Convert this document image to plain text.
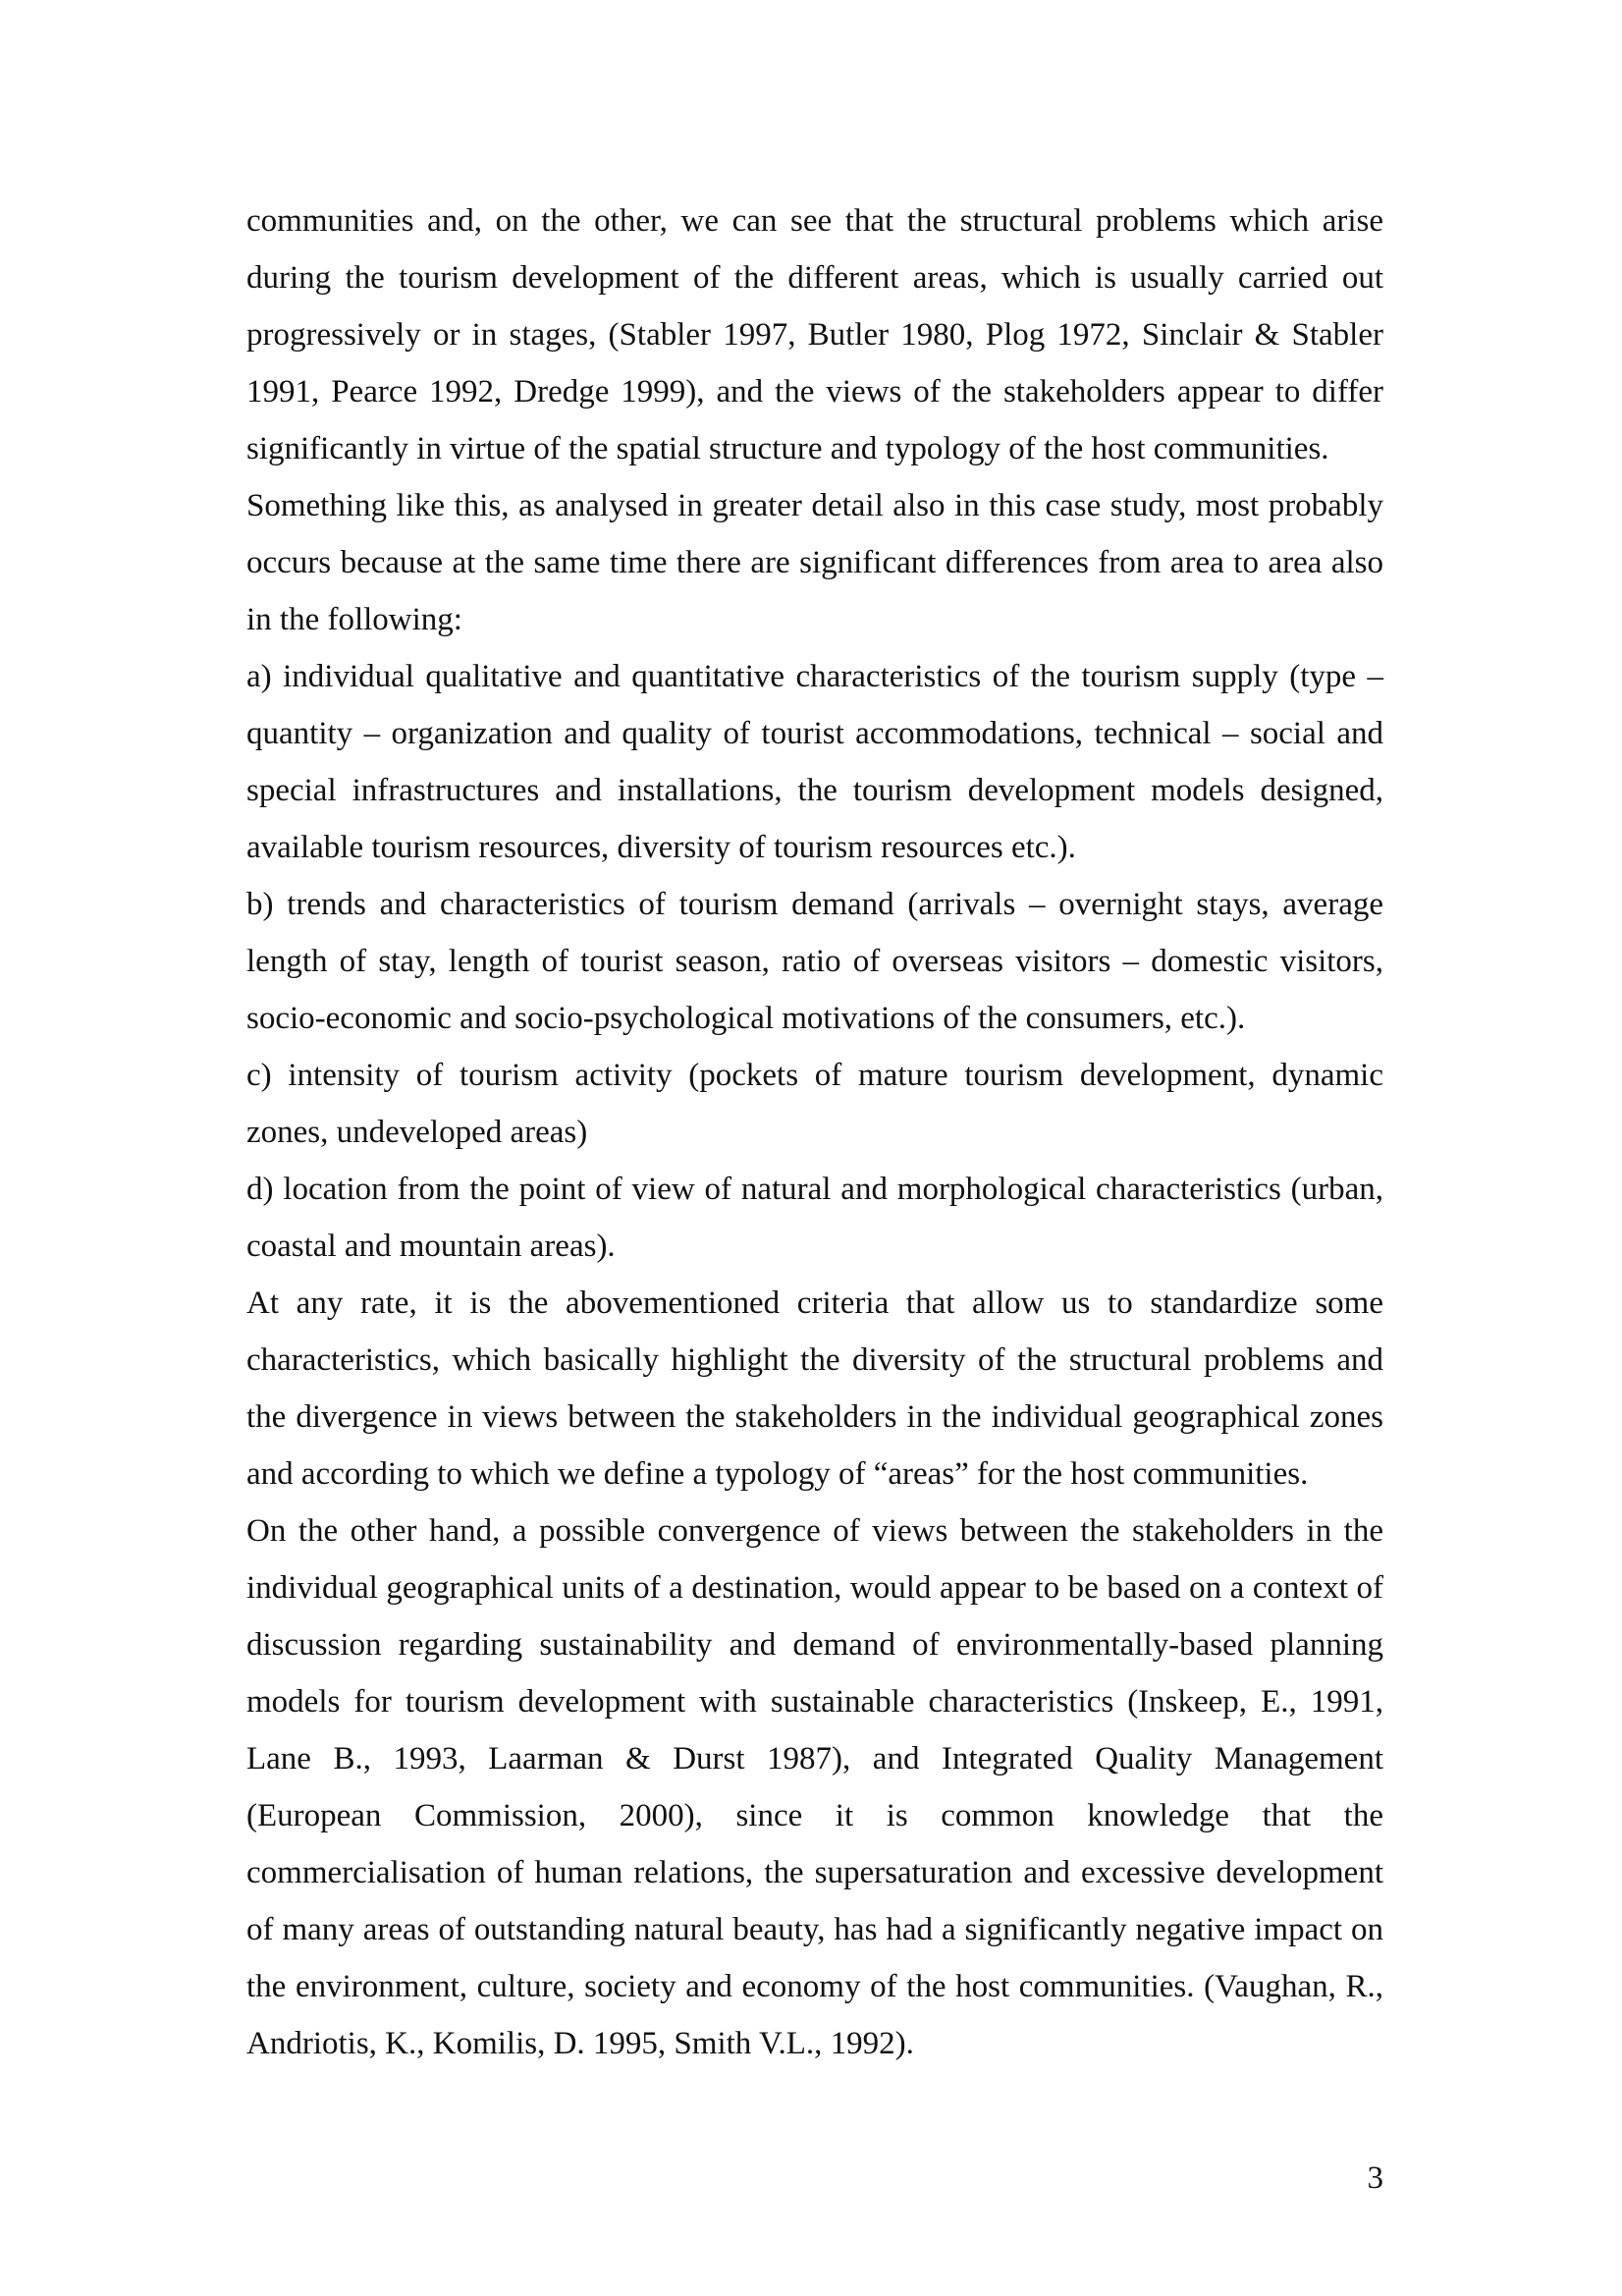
communities and, on the other, we can see that the structural problems which arise during the tourism development of the different areas, which is usually carried out progressively or in stages, (Stabler 1997, Butler 1980, Plog 1972, Sinclair & Stabler 1991, Pearce 1992, Dredge 1999), and the views of the stakeholders appear to differ significantly in virtue of the spatial structure and typology of the host communities.

Something like this, as analysed in greater detail also in this case study, most probably occurs because at the same time there are significant differences from area to area also in the following:

a) individual qualitative and quantitative characteristics of the tourism supply (type – quantity – organization and quality of tourist accommodations, technical – social and special infrastructures and installations, the tourism development models designed, available tourism resources, diversity of tourism resources etc.).

b) trends and characteristics of tourism demand (arrivals – overnight stays, average length of stay, length of tourist season, ratio of overseas visitors – domestic visitors, socio-economic and socio-psychological motivations of the consumers, etc.).

c) intensity of tourism activity (pockets of mature tourism development, dynamic zones, undeveloped areas)

d) location from the point of view of natural and morphological characteristics (urban, coastal and mountain areas).

At any rate, it is the abovementioned criteria that allow us to standardize some characteristics, which basically highlight the diversity of the structural problems and the divergence in views between the stakeholders in the individual geographical zones and according to which we define a typology of “areas” for the host communities.

On the other hand, a possible convergence of views between the stakeholders in the individual geographical units of a destination, would appear to be based on a context of discussion regarding sustainability and demand of environmentally-based planning models for tourism development with sustainable characteristics (Inskeep, E., 1991, Lane B., 1993, Laarman & Durst 1987), and Integrated Quality Management (European Commission, 2000), since it is common knowledge that the commercialisation of human relations, the supersaturation and excessive development of many areas of outstanding natural beauty, has had a significantly negative impact on the environment, culture, society and economy of the host communities. (Vaughan, R., Andriotis, K., Komilis, D. 1995, Smith V.L., 1992).

3
